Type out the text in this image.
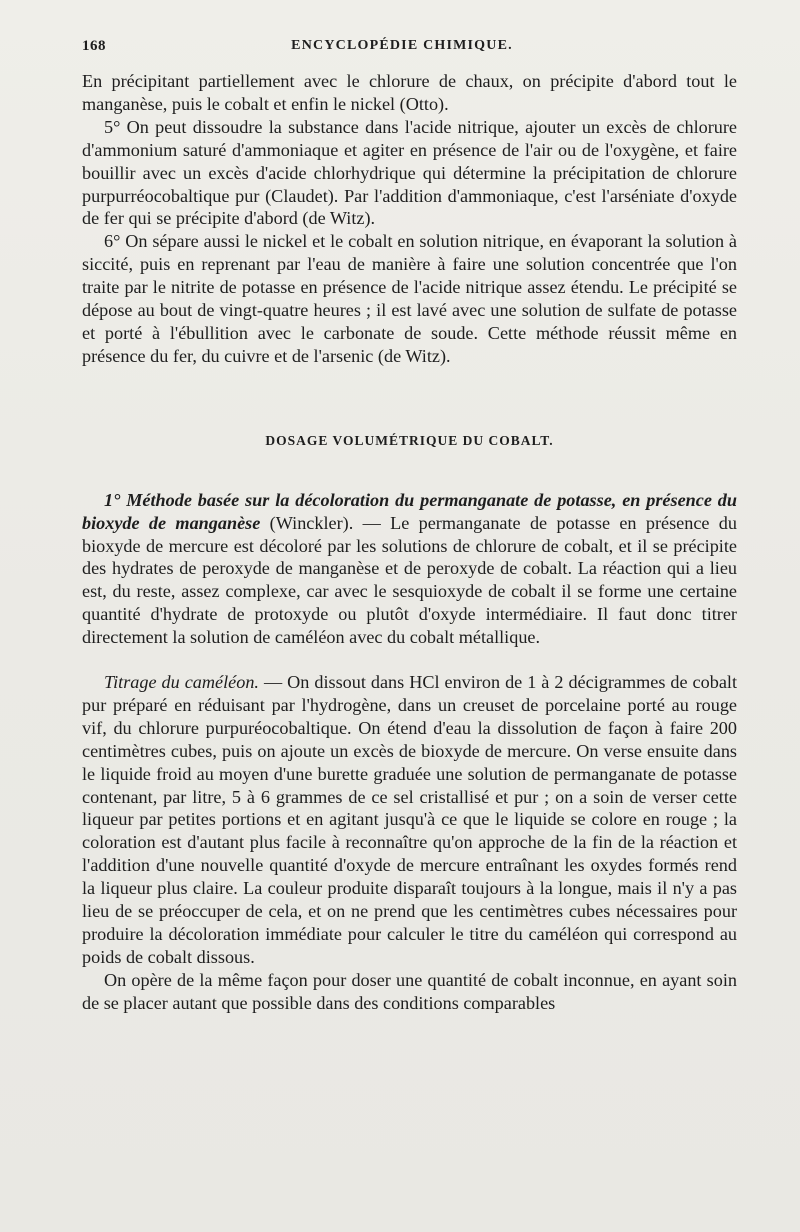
168	ENCYCLOPÉDIE CHIMIQUE.

En précipitant partiellement avec le chlorure de chaux, on précipite d'abord tout le manganèse, puis le cobalt et enfin le nickel (Otto).

5° On peut dissoudre la substance dans l'acide nitrique, ajouter un excès de chlorure d'ammonium saturé d'ammoniaque et agiter en présence de l'air ou de l'oxygène, et faire bouillir avec un excès d'acide chlorhydrique qui détermine la précipitation de chlorure purpurréocobaltique pur (Claudet). Par l'addition d'ammoniaque, c'est l'arséniate d'oxyde de fer qui se précipite d'abord (de Witz).

6° On sépare aussi le nickel et le cobalt en solution nitrique, en évaporant la solution à siccité, puis en reprenant par l'eau de manière à faire une solution concentrée que l'on traite par le nitrite de potasse en présence de l'acide nitrique assez étendu. Le précipité se dépose au bout de vingt-quatre heures ; il est lavé avec une solution de sulfate de potasse et porté à l'ébullition avec le carbonate de soude. Cette méthode réussit même en présence du fer, du cuivre et de l'arsenic (de Witz).

DOSAGE VOLUMÉTRIQUE DU COBALT.

1° Méthode basée sur la décoloration du permanganate de potasse, en présence du bioxyde de manganèse (Winckler). — Le permanganate de potasse en présence du bioxyde de mercure est décoloré par les solutions de chlorure de cobalt, et il se précipite des hydrates de peroxyde de manganèse et de peroxyde de cobalt. La réaction qui a lieu est, du reste, assez complexe, car avec le sesquioxyde de cobalt il se forme une certaine quantité d'hydrate de protoxyde ou plutôt d'oxyde intermédiaire. Il faut donc titrer directement la solution de caméléon avec du cobalt métallique.

Titrage du caméléon. — On dissout dans HCl environ de 1 à 2 décigrammes de cobalt pur préparé en réduisant par l'hydrogène, dans un creuset de porcelaine porté au rouge vif, du chlorure purpuréocobaltique. On étend d'eau la dissolution de façon à faire 200 centimètres cubes, puis on ajoute un excès de bioxyde de mercure. On verse ensuite dans le liquide froid au moyen d'une burette graduée une solution de permanganate de potasse contenant, par litre, 5 à 6 grammes de ce sel cristallisé et pur ; on a soin de verser cette liqueur par petites portions et en agitant jusqu'à ce que le liquide se colore en rouge ; la coloration est d'autant plus facile à reconnaître qu'on approche de la fin de la réaction et l'addition d'une nouvelle quantité d'oxyde de mercure entraînant les oxydes formés rend la liqueur plus claire. La couleur produite disparaît toujours à la longue, mais il n'y a pas lieu de se préoccuper de cela, et on ne prend que les centimètres cubes nécessaires pour produire la décoloration immédiate pour calculer le titre du caméléon qui correspond au poids de cobalt dissous.

On opère de la même façon pour doser une quantité de cobalt inconnue, en ayant soin de se placer autant que possible dans des conditions comparables
